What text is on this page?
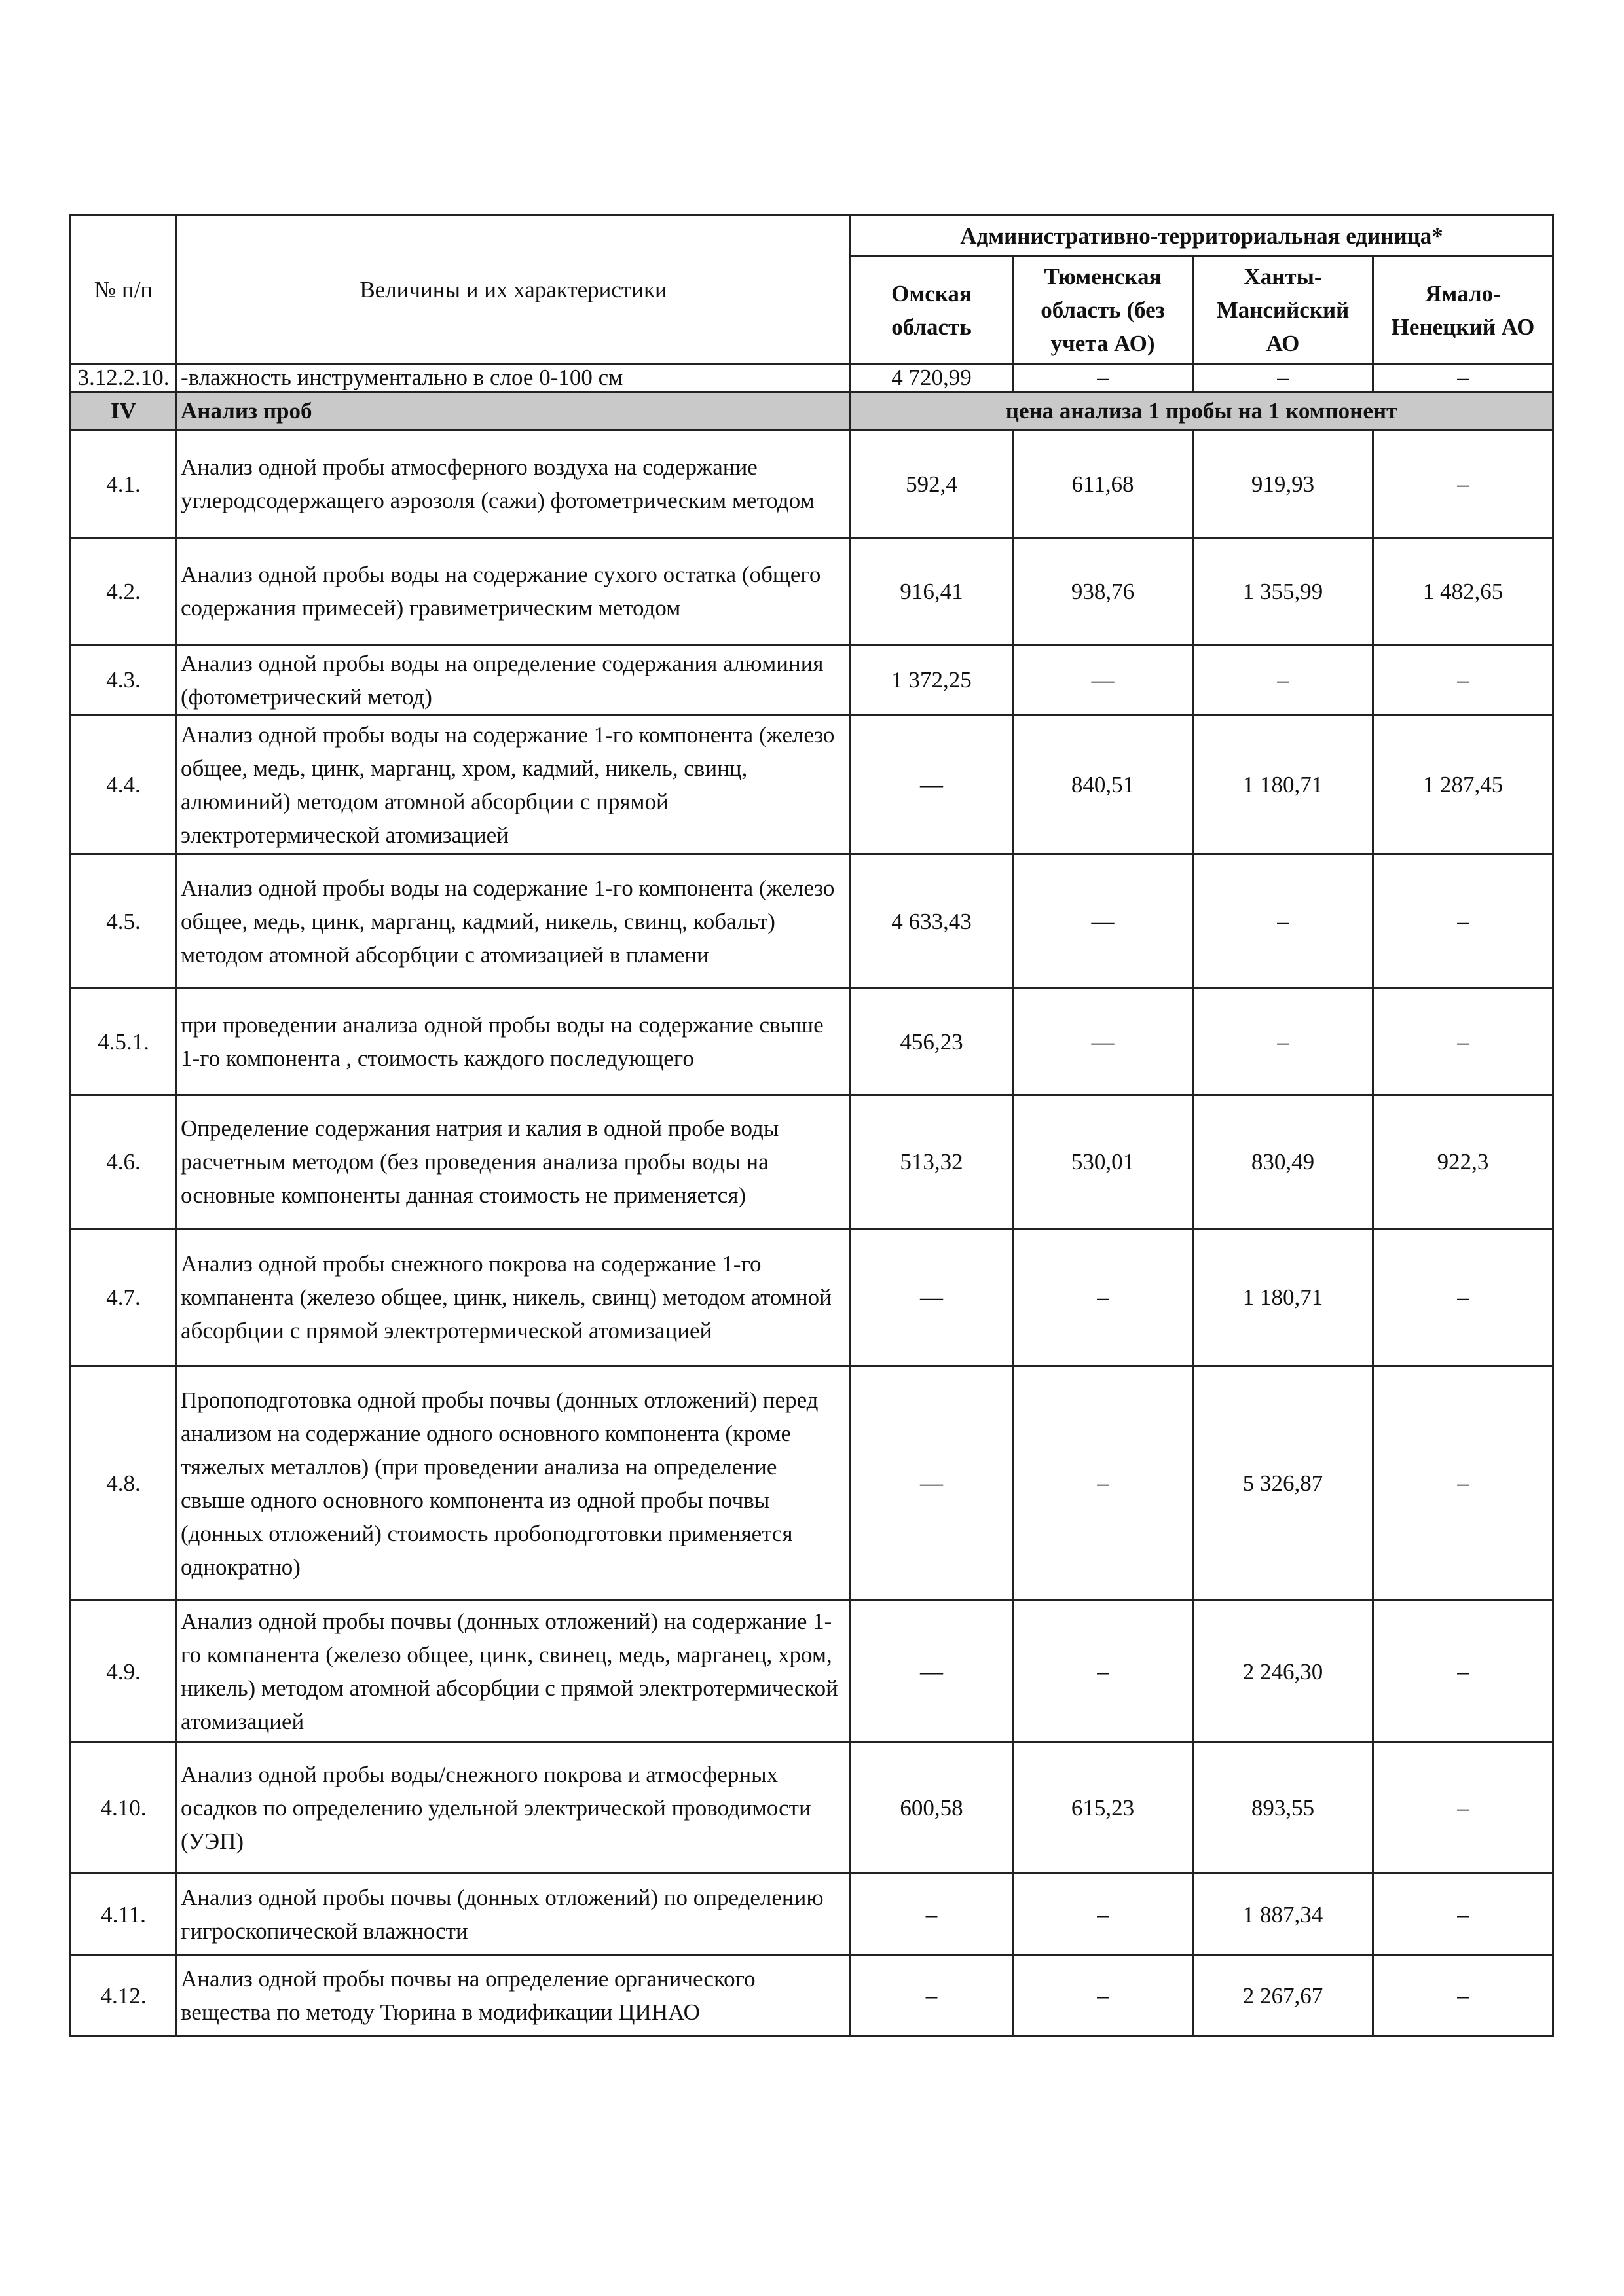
№ п/п	Величины и их характеристики	Административно-территориальная единица*			
		Омская область	Тюменская область (без учета АО)	Ханты-Мансийский АО	Ямало-Ненецкий АО
3.12.2.10.	-влажность инструментально в слое 0-100 см	4 720,99	–	–	–
IV	Анализ проб	цена анализа 1 пробы на 1 компонент			
4.1.	Анализ одной пробы атмосферного воздуха на содержание углеродсодержащего аэрозоля (сажи) фотометрическим методом	592,4	611,68	919,93	–
4.2.	Анализ одной пробы воды на содержание сухого остатка (общего содержания примесей) гравиметрическим методом	916,41	938,76	1 355,99	1 482,65
4.3.	Анализ одной пробы воды на определение содержания алюминия (фотометрический метод)	1 372,25	—	–	–
4.4.	Анализ одной пробы воды на содержание 1-го компонента (железо общее, медь, цинк, марганц, хром, кадмий, никель, свинц, алюминий) методом атомной абсорбции с прямой электротермической атомизацией	—	840,51	1 180,71	1 287,45
4.5.	Анализ одной пробы воды на содержание 1-го компонента (железо общее, медь, цинк, марганц, кадмий, никель, свинц, кобальт) методом атомной абсорбции с атомизацией в пламени	4 633,43	—	–	–
4.5.1.	при проведении анализа одной пробы воды на содержание свыше 1-го компонента , стоимость каждого последующего	456,23	—	–	–
4.6.	Определение содержания натрия и калия в одной пробе воды расчетным методом (без проведения анализа пробы воды на основные компоненты данная стоимость не применяется)	513,32	530,01	830,49	922,3
4.7.	Анализ одной пробы снежного покрова на содержание 1-го компанента (железо общее, цинк, никель, свинц) методом атомной абсорбции с прямой электротермической атомизацией	—	–	1 180,71	–
4.8.	Пропоподготовка одной пробы почвы (донных отложений) перед анализом на содержание одного основного компонента (кроме тяжелых металлов) (при проведении анализа на определение свыше одного основного компонента из одной пробы почвы (донных отложений) стоимость пробоподготовки применяется однократно)	—	–	5 326,87	–
4.9.	Анализ одной пробы почвы (донных отложений) на содержание 1-го компанента (железо общее, цинк, свинец, медь, марганец, хром, никель) методом атомной абсорбции с прямой электротермической атомизацией	—	–	2 246,30	–
4.10.	Анализ одной пробы воды/снежного покрова и атмосферных осадков по определению удельной электрической проводимости (УЭП)	600,58	615,23	893,55	–
4.11.	Анализ одной пробы почвы (донных отложений) по определению гигроскопической влажности	–	–	1 887,34	–
4.12.	Анализ одной пробы почвы на определение органического вещества по методу Тюрина в модификации ЦИНАО	–	–	2 267,67	–
